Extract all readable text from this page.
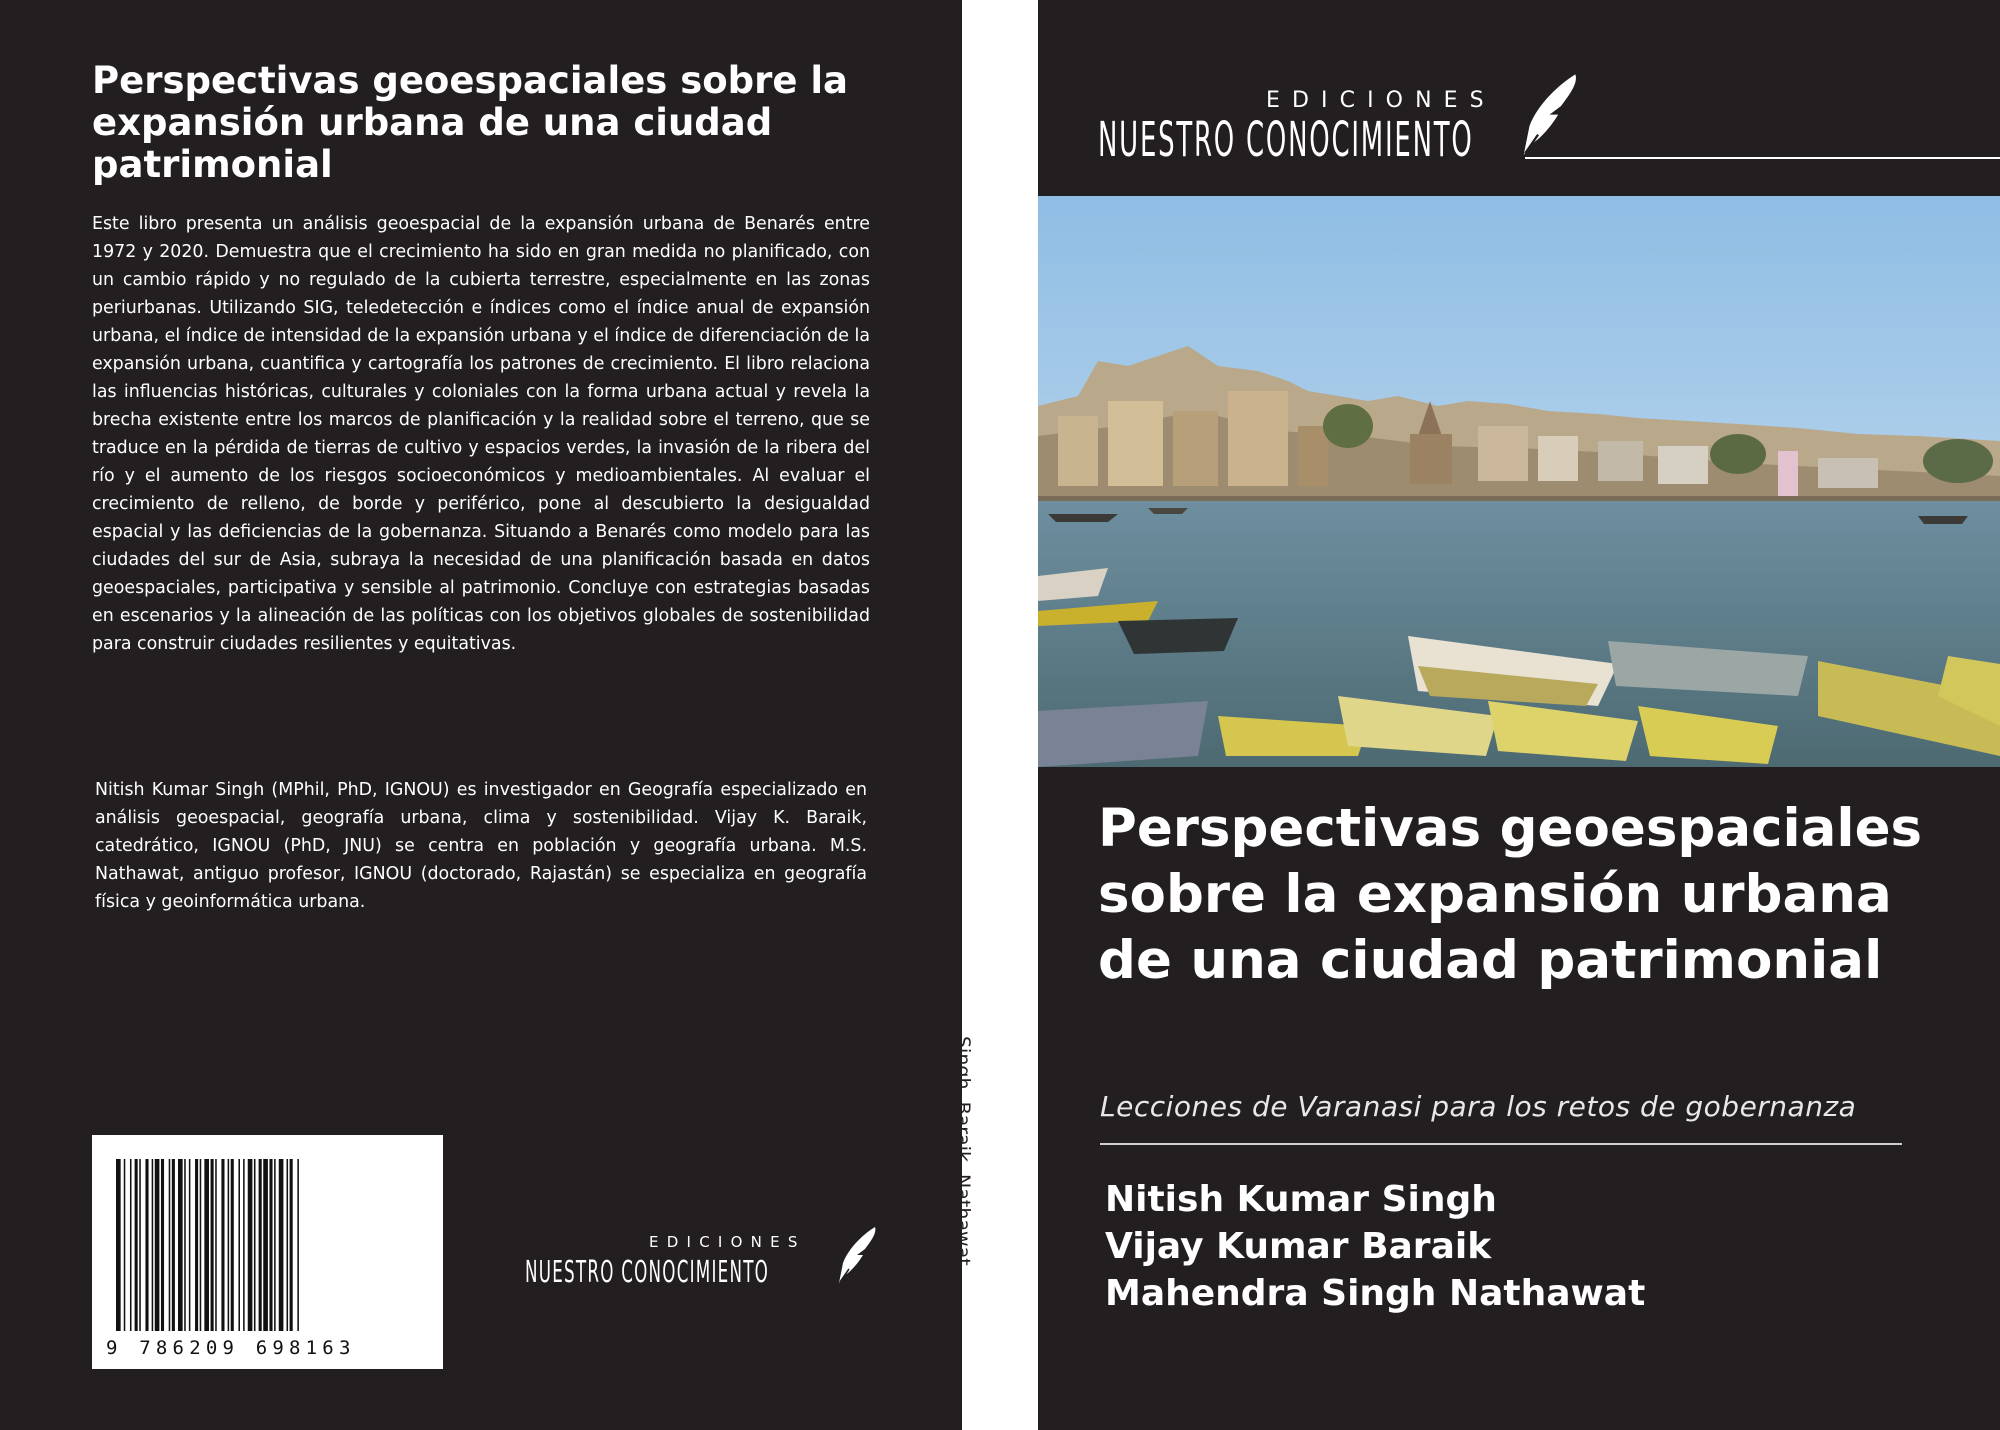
Perspectivas geoespaciales sobre la expansión urbana de una ciudad patrimonial
Este libro presenta un análisis geoespacial de la expansión urbana de Benarés entre 1972 y 2020. Demuestra que el crecimiento ha sido en gran medida no planificado, con un cambio rápido y no regulado de la cubierta terrestre, especialmente en las zonas periurbanas. Utilizando SIG, teledetección e índices como el índice anual de expansión urbana, el índice de intensidad de la expansión urbana y el índice de diferenciación de la expansión urbana, cuantifica y cartografía los patrones de crecimiento. El libro relaciona las influencias históricas, culturales y coloniales con la forma urbana actual y revela la brecha existente entre los marcos de planificación y la realidad sobre el terreno, que se traduce en la pérdida de tierras de cultivo y espacios verdes, la invasión de la ribera del río y el aumento de los riesgos socioeconómicos y medioambientales. Al evaluar el crecimiento de relleno, de borde y periférico, pone al descubierto la desigualdad espacial y las deficiencias de la gobernanza. Situando a Benarés como modelo para las ciudades del sur de Asia, subraya la necesidad de una planificación basada en datos geoespaciales, participativa y sensible al patrimonio. Concluye con estrategias basadas en escenarios y la alineación de las políticas con los objetivos globales de sostenibilidad para construir ciudades resilientes y equitativas.
Nitish Kumar Singh (MPhil, PhD, IGNOU) es investigador en Geografía especializado en análisis geoespacial, geografía urbana, clima y sostenibilidad. Vijay K. Baraik, catedrático, IGNOU (PhD, JNU) se centra en población y geografía urbana. M.S. Nathawat, antiguo profesor, IGNOU (doctorado, Rajastán) se especializa en geografía física y geoinformática urbana.
9 786209 698163
EDICIONES
NUESTRO CONOCIMIENTO
Singh, Baraik, Nathawat
EDICIONES
NUESTRO CONOCIMIENTO
Perspectivas geoespaciales sobre la expansión urbana de una ciudad patrimonial
Lecciones de Varanasi para los retos de gobernanza
Nitish Kumar Singh
Vijay Kumar Baraik
Mahendra Singh Nathawat
